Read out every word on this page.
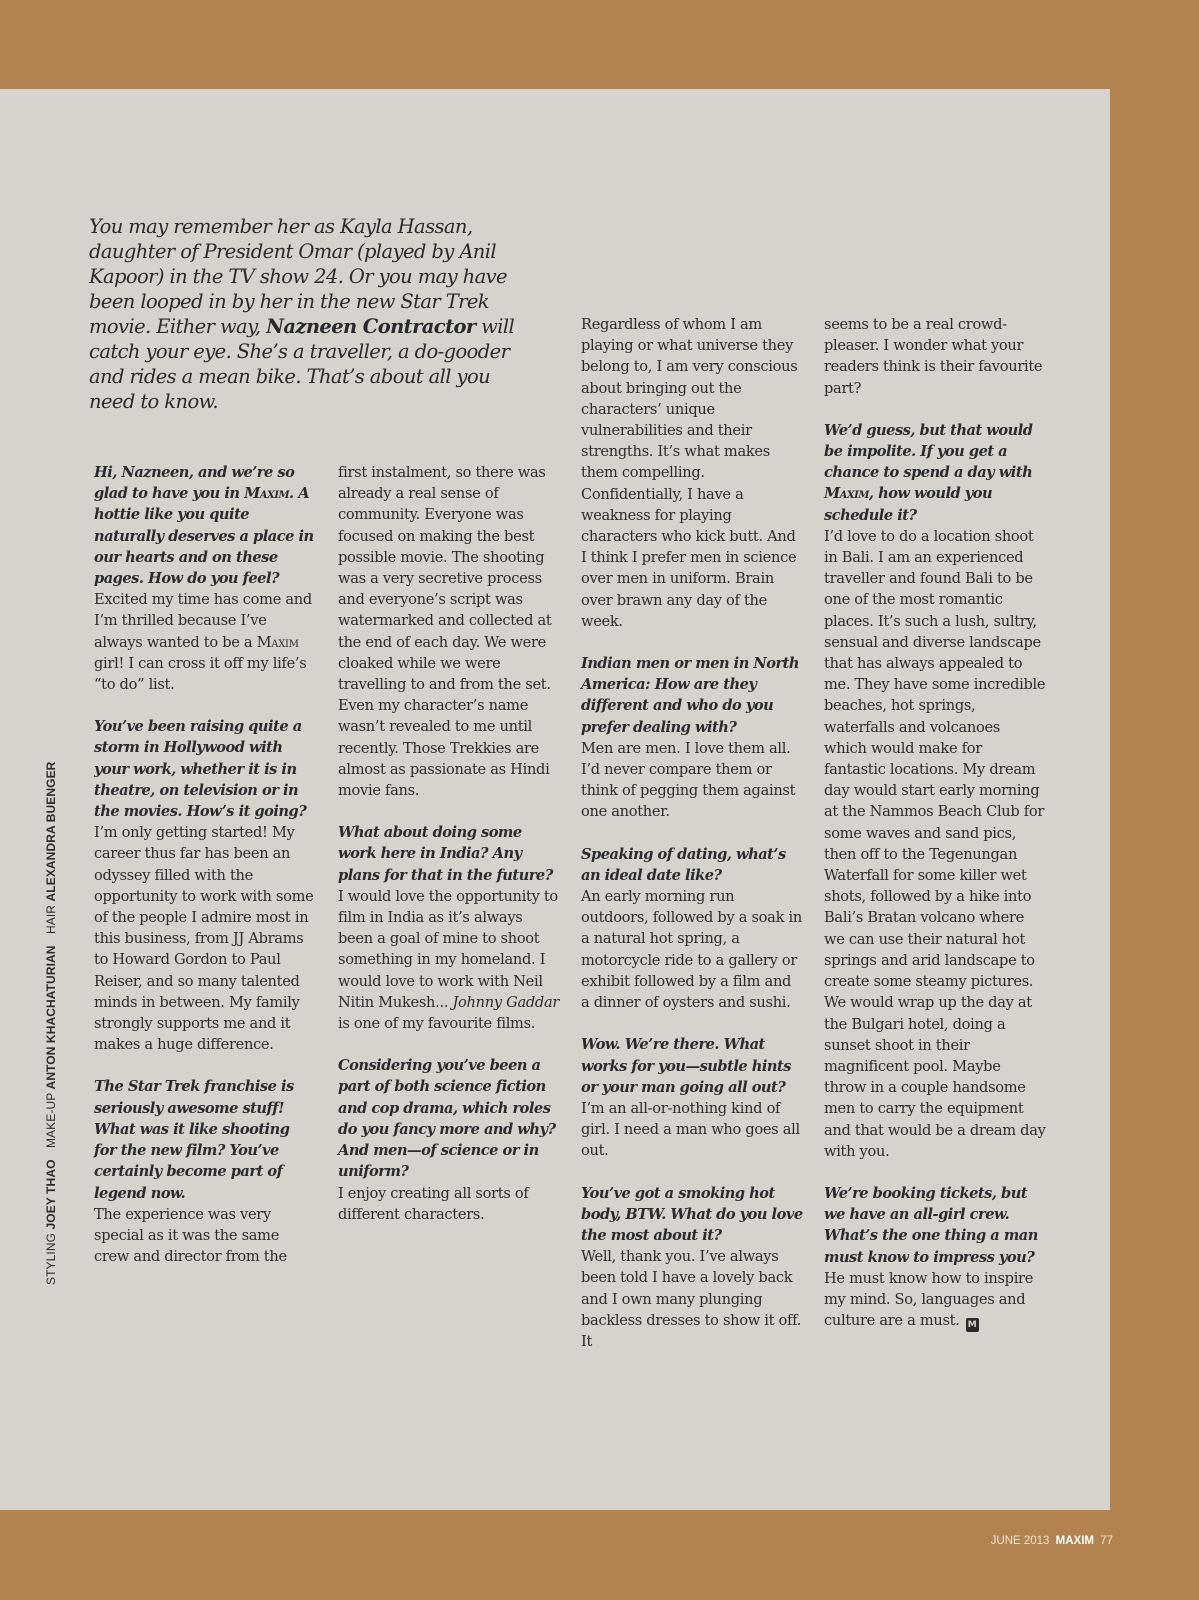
You may remember her as Kayla Hassan, daughter of President Omar (played by Anil Kapoor) in the TV show 24. Or you may have been looped in by her in the new Star Trek movie. Either way, Nazneen Contractor will catch your eye. She’s a traveller, a do-gooder and rides a mean bike. That’s about all you need to know.

Hi, Nazneen, and we’re so glad to have you in Maxim. A hottie like you quite naturally deserves a place in our hearts and on these pages. How do you feel?
Excited my time has come and I’m thrilled because I’ve always wanted to be a Maxim girl! I can cross it off my life’s “to do” list.

You’ve been raising quite a storm in Hollywood with your work, whether it is in theatre, on television or in the movies. How’s it going?
I’m only getting started! My career thus far has been an odyssey filled with the opportunity to work with some of the people I admire most in this business, from JJ Abrams to Howard Gordon to Paul Reiser, and so many talented minds in between. My family strongly supports me and it makes a huge difference.

The Star Trek franchise is seriously awesome stuff! What was it like shooting for the new film? You’ve certainly become part of legend now.
The experience was very special as it was the same crew and director from the

first instalment, so there was already a real sense of community. Everyone was focused on making the best possible movie. The shooting was a very secretive process and everyone’s script was watermarked and collected at the end of each day. We were cloaked while we were travelling to and from the set. Even my character’s name wasn’t revealed to me until recently. Those Trekkies are almost as passionate as Hindi movie fans.

What about doing some work here in India? Any plans for that in the future?
I would love the opportunity to film in India as it’s always been a goal of mine to shoot something in my homeland. I would love to work with Neil Nitin Mukesh... Johnny Gaddar is one of my favourite films.

Considering you’ve been a part of both science fiction and cop drama, which roles do you fancy more and why? And men—of science or in uniform?
I enjoy creating all sorts of different characters.

Regardless of whom I am playing or what universe they belong to, I am very conscious about bringing out the characters’ unique vulnerabilities and their strengths. It’s what makes them compelling. Confidentially, I have a weakness for playing characters who kick butt. And I think I prefer men in science over men in uniform. Brain over brawn any day of the week.

Indian men or men in North America: How are they different and who do you prefer dealing with?
Men are men. I love them all. I’d never compare them or think of pegging them against one another.

Speaking of dating, what’s an ideal date like?
An early morning run outdoors, followed by a soak in a natural hot spring, a motorcycle ride to a gallery or exhibit followed by a film and a dinner of oysters and sushi.

Wow. We’re there. What works for you—subtle hints or your man going all out?
I’m an all-or-nothing kind of girl. I need a man who goes all out.

You’ve got a smoking hot body, BTW. What do you love the most about it?
Well, thank you. I’ve always been told I have a lovely back and I own many plunging backless dresses to show it off. It

seems to be a real crowd-pleaser. I wonder what your readers think is their favourite part?

We’d guess, but that would be impolite. If you get a chance to spend a day with Maxim, how would you schedule it?
I’d love to do a location shoot in Bali. I am an experienced traveller and found Bali to be one of the most romantic places. It’s such a lush, sultry, sensual and diverse landscape that has always appealed to me. They have some incredible beaches, hot springs, waterfalls and volcanoes which would make for fantastic locations. My dream day would start early morning at the Nammos Beach Club for some waves and sand pics, then off to the Tegenungan Waterfall for some killer wet shots, followed by a hike into Bali’s Bratan volcano where we can use their natural hot springs and arid landscape to create some steamy pictures. We would wrap up the day at the Bulgari hotel, doing a sunset shoot in their magnificent pool. Maybe throw in a couple handsome men to carry the equipment and that would be a dream day with you.

We’re booking tickets, but we have an all-girl crew. What’s the one thing a man must know to impress you?
He must know how to inspire my mind. So, languages and culture are a must. M

STYLING JOEY THAO MAKE-UP ANTON KHACHATURIAN HAIR ALEXANDRA BUENGER
JUNE 2013 MAXIM 77
